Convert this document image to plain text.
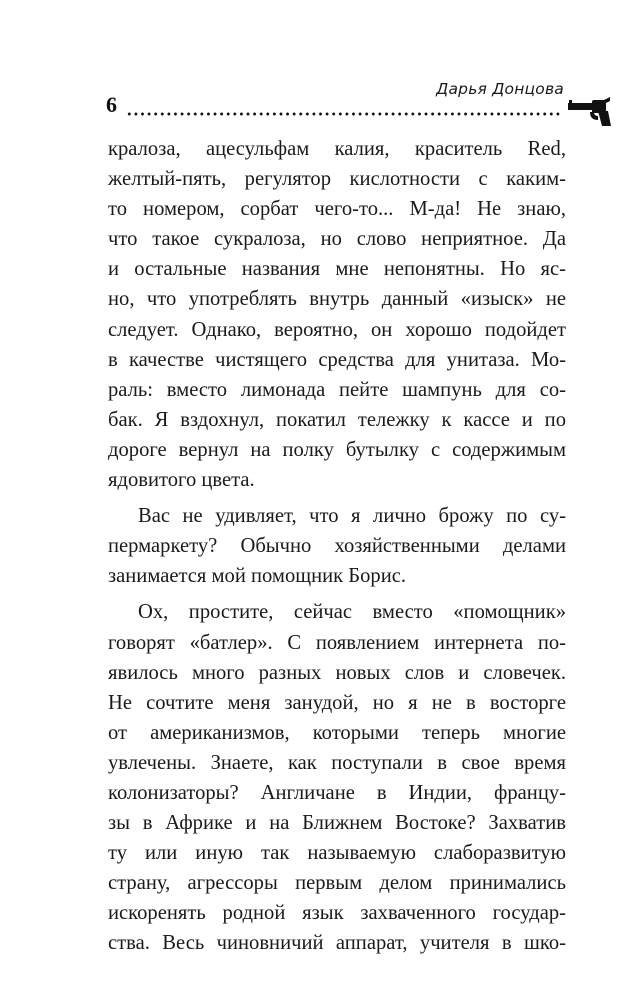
6
Дарья Донцова
кралоза, ацесульфам калия, краситель Red,
желтый-пять, регулятор кислотности с каким-
то номером, сорбат чего-то... М-да! Не знаю,
что такое сукралоза, но слово неприятное. Да
и остальные названия мне непонятны. Но яс-
но, что употреблять внутрь данный «изыск» не
следует. Однако, вероятно, он хорошо подойдет
в качестве чистящего средства для унитаза. Мо-
раль: вместо лимонада пейте шампунь для со-
бак. Я вздохнул, покатил тележку к кассе и по
дороге вернул на полку бутылку с содержимым
ядовитого цвета.
Вас не удивляет, что я лично брожу по су-
пермаркету? Обычно хозяйственными делами
занимается мой помощник Борис.
Ох, простите, сейчас вместо «помощник»
говорят «батлер». С появлением интернета по-
явилось много разных новых слов и словечек.
Не сочтите меня занудой, но я не в восторге
от американизмов, которыми теперь многие
увлечены. Знаете, как поступали в свое время
колонизаторы? Англичане в Индии, францу-
зы в Африке и на Ближнем Востоке? Захватив
ту или иную так называемую слаборазвитую
страну, агрессоры первым делом принимались
искоренять родной язык захваченного государ-
ства. Весь чиновничий аппарат, учителя в шко-
